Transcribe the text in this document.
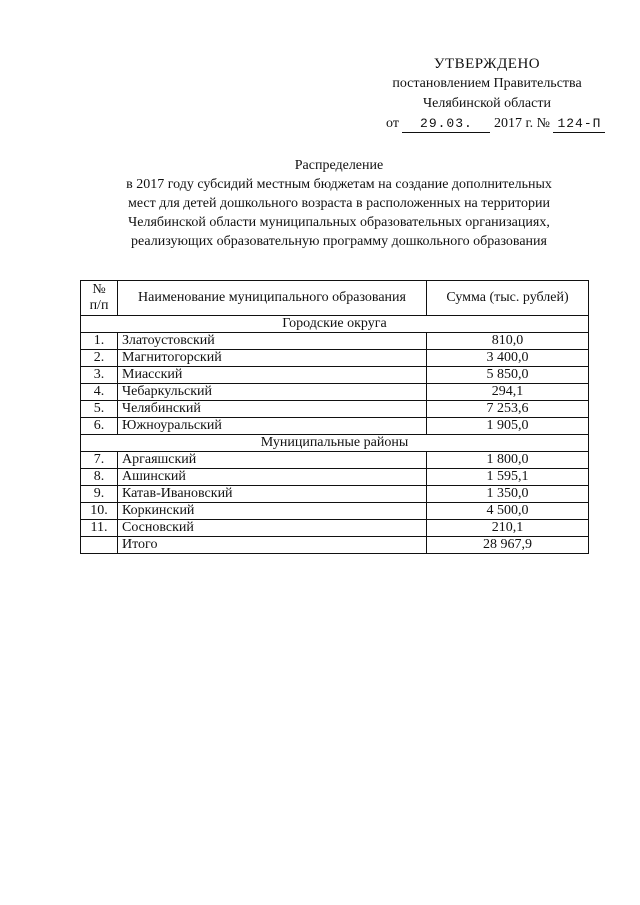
УТВЕРЖДЕНО
постановлением Правительства
Челябинской области
от 29.03. 2017 г. № 124-П
Распределение
в 2017 году субсидий местным бюджетам на создание дополнительных
мест для детей дошкольного возраста в расположенных на территории
Челябинской области муниципальных образовательных организациях,
реализующих образовательную программу дошкольного образования
№
п/п	Наименование муниципального образования	Сумма (тыс. рублей)
Городские округа		
1.	Златоустовский	810,0
2.	Магнитогорский	3 400,0
3.	Миасский	5 850,0
4.	Чебаркульский	294,1
5.	Челябинский	7 253,6
6.	Южноуральский	1 905,0
Муниципальные районы		
7.	Аргаяшский	1 800,0
8.	Ашинский	1 595,1
9.	Катав-Ивановский	1 350,0
10.	Коркинский	4 500,0
11.	Сосновский	210,1
	Итого	28 967,9
